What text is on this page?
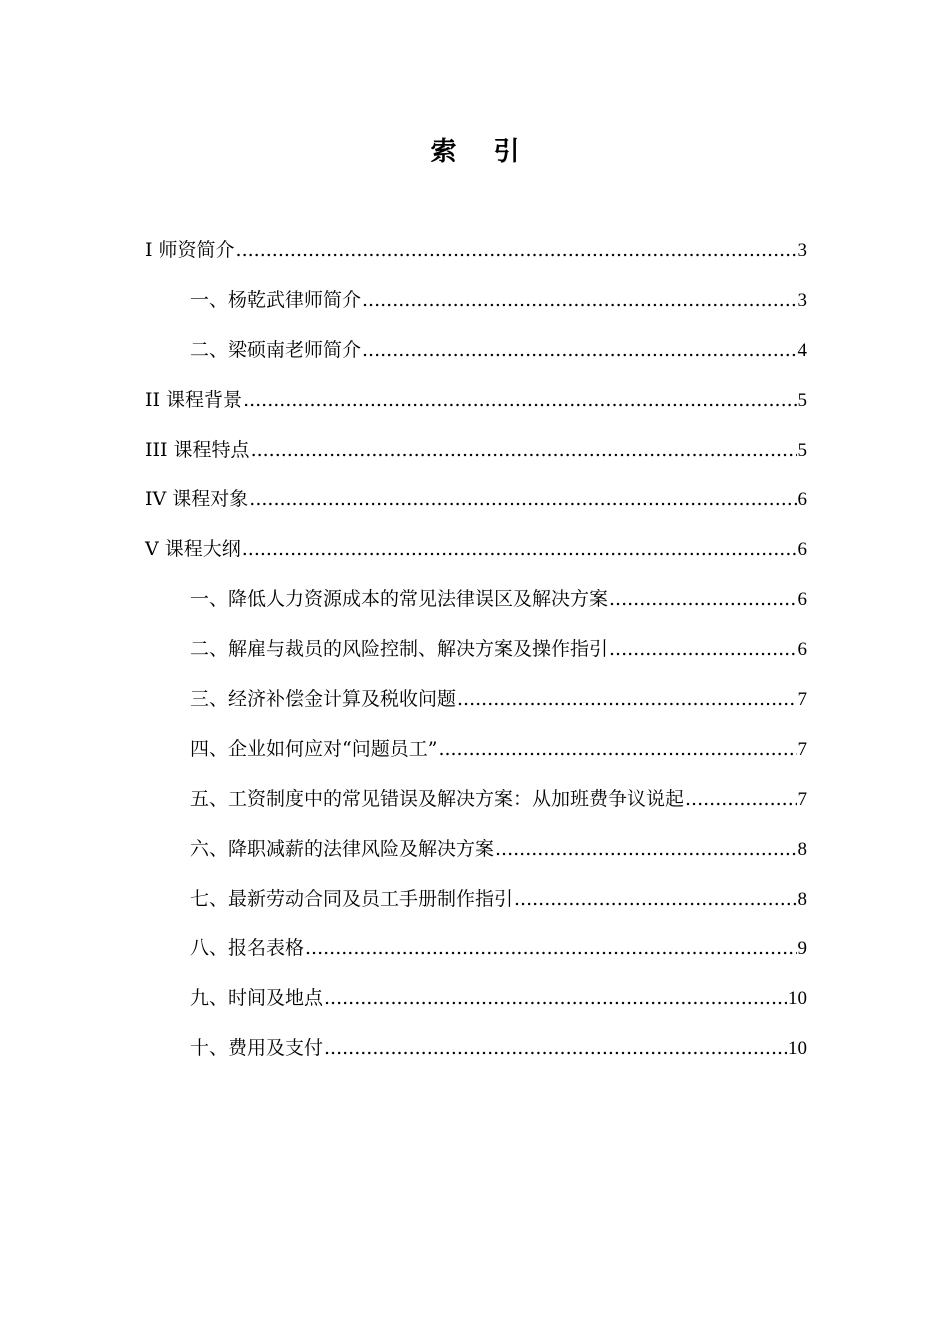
索 引
I 师资简介 .....	3
一、杨乾武律师简介 .....	3
二、梁硕南老师简介 .....	4
II 课程背景 .....	5
III 课程特点 .....	5
IV 课程对象 .....	6
V 课程大纲 .....	6
一、降低人力资源成本的常见法律误区及解决方案 .....	6
二、解雇与裁员的风险控制、解决方案及操作指引 .....	6
三、经济补偿金计算及税收问题 .....	7
四、企业如何应对“问题员工” .....	7
五、工资制度中的常见错误及解决方案：从加班费争议说起 .....	7
六、降职减薪的法律风险及解决方案 .....	8
七、最新劳动合同及员工手册制作指引 .....	8
八、报名表格 .....	9
九、时间及地点 .....	10
十、费用及支付 .....	10
